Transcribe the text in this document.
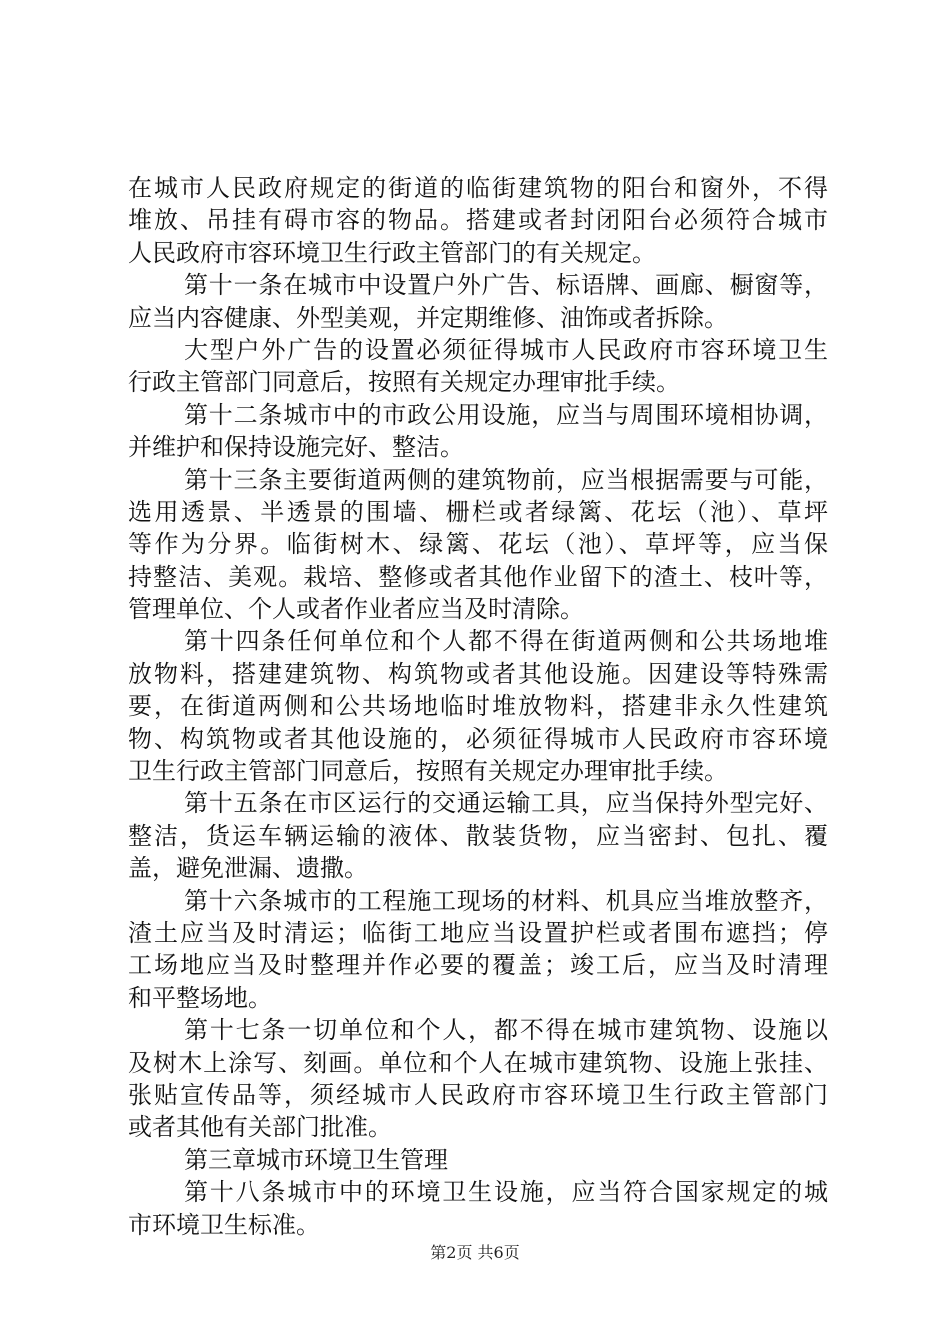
在城市人民政府规定的街道的临街建筑物的阳台和窗外，不得
堆放、吊挂有碍市容的物品。搭建或者封闭阳台必须符合城市
人民政府市容环境卫生行政主管部门的有关规定。
第十一条在城市中设置户外广告、标语牌、画廊、橱窗等，
应当内容健康、外型美观，并定期维修、油饰或者拆除。
大型户外广告的设置必须征得城市人民政府市容环境卫生
行政主管部门同意后，按照有关规定办理审批手续。
第十二条城市中的市政公用设施，应当与周围环境相协调，
并维护和保持设施完好、整洁。
第十三条主要街道两侧的建筑物前，应当根据需要与可能，
选用透景、半透景的围墙、栅栏或者绿篱、花坛（池）、草坪
等作为分界。临街树木、绿篱、花坛（池）、草坪等，应当保
持整洁、美观。栽培、整修或者其他作业留下的渣土、枝叶等，
管理单位、个人或者作业者应当及时清除。
第十四条任何单位和个人都不得在街道两侧和公共场地堆
放物料，搭建建筑物、构筑物或者其他设施。因建设等特殊需
要，在街道两侧和公共场地临时堆放物料，搭建非永久性建筑
物、构筑物或者其他设施的，必须征得城市人民政府市容环境
卫生行政主管部门同意后，按照有关规定办理审批手续。
第十五条在市区运行的交通运输工具，应当保持外型完好、
整洁，货运车辆运输的液体、散装货物，应当密封、包扎、覆
盖，避免泄漏、遗撒。
第十六条城市的工程施工现场的材料、机具应当堆放整齐，
渣土应当及时清运；临街工地应当设置护栏或者围布遮挡；停
工场地应当及时整理并作必要的覆盖；竣工后，应当及时清理
和平整场地。
第十七条一切单位和个人，都不得在城市建筑物、设施以
及树木上涂写、刻画。单位和个人在城市建筑物、设施上张挂、
张贴宣传品等，须经城市人民政府市容环境卫生行政主管部门
或者其他有关部门批准。
第三章城市环境卫生管理
第十八条城市中的环境卫生设施，应当符合国家规定的城
市环境卫生标准。
第2页 共6页
